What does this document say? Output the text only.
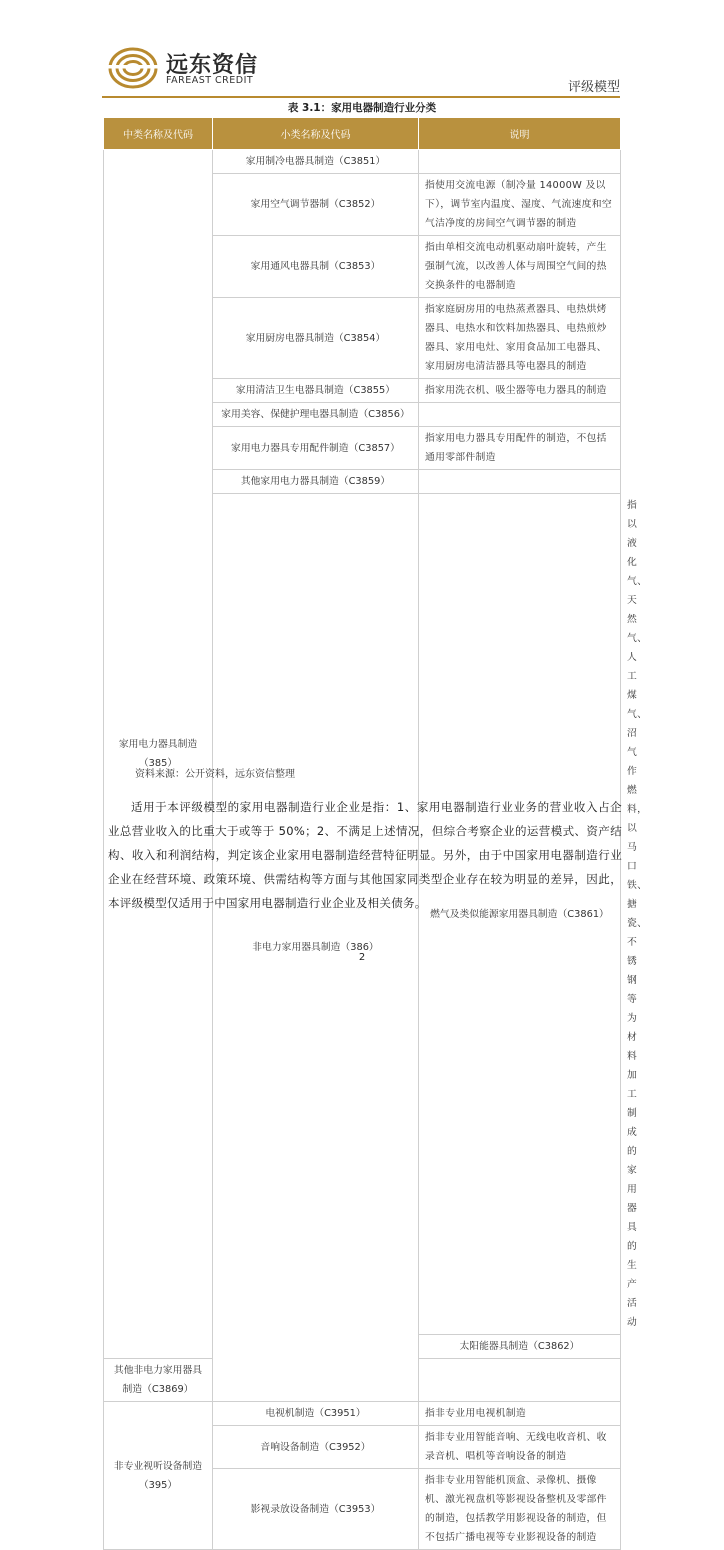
远东资信
FAREAST CREDIT	评级模型
表 3.1：家用电器制造行业分类
中类名称及代码	小类名称及代码	说明	
家用电力器具制造（385）	家用制冷电器具制造（C3851）		
	家用空气调节器制（C3852）	指使用交流电源（制冷量 14000W 及以下），调节室内温度、湿度、气流速度和空气洁净度的房间空气调节器的制造	
	家用通风电器具制（C3853）	指由单相交流电动机驱动扇叶旋转，产生强制气流，以改善人体与周围空气间的热交换条件的电器制造	
	家用厨房电器具制造（C3854）	指家庭厨房用的电热蒸煮器具、电热烘烤器具、电热水和饮料加热器具、电热煎炒器具、家用电灶、家用食品加工电器具、家用厨房电清洁器具等电器具的制造	
	家用清洁卫生电器具制造（C3855）	指家用洗衣机、吸尘器等电力器具的制造	
	家用美容、保健护理电器具制造（C3856）		
	家用电力器具专用配件制造（C3857）	指家用电力器具专用配件的制造，不包括通用零部件制造	
	其他家用电力器具制造（C3859）		
	非电力家用器具制造（386）	燃气及类似能源家用器具制造（C3861）	指以液化气、天然气、人工煤气、沼气作燃料，以马口铁、搪瓷、不锈钢等为材料加工制成的家用器具的生产活动
		太阳能器具制造（C3862）	
其他非电力家用器具制造（C3869）			
非专业视听设备制造（395）	电视机制造（C3951）	指非专业用电视机制造	
	音响设备制造（C3952）	指非专业用智能音响、无线电收音机、收录音机、唱机等音响设备的制造	
	影视录放设备制造（C3953）	指非专业用智能机顶盒、录像机、摄像机、激光视盘机等影视设备整机及零部件的制造，包括教学用影视设备的制造，但不包括广播电视等专业影视设备的制造	
资料来源：公开资料，远东资信整理
适用于本评级模型的家用电器制造行业企业是指：1、家用电器制造行业业务的营业收入占企业总营业收入的比重大于或等于 50%；2、不满足上述情况，但综合考察企业的运营模式、资产结构、收入和利润结构，判定该企业家用电器制造经营特征明显。另外，由于中国家用电器制造行业企业在经营环境、政策环境、供需结构等方面与其他国家同类型企业存在较为明显的差异，因此，本评级模型仅适用于中国家用电器制造行业企业及相关债务。
2
